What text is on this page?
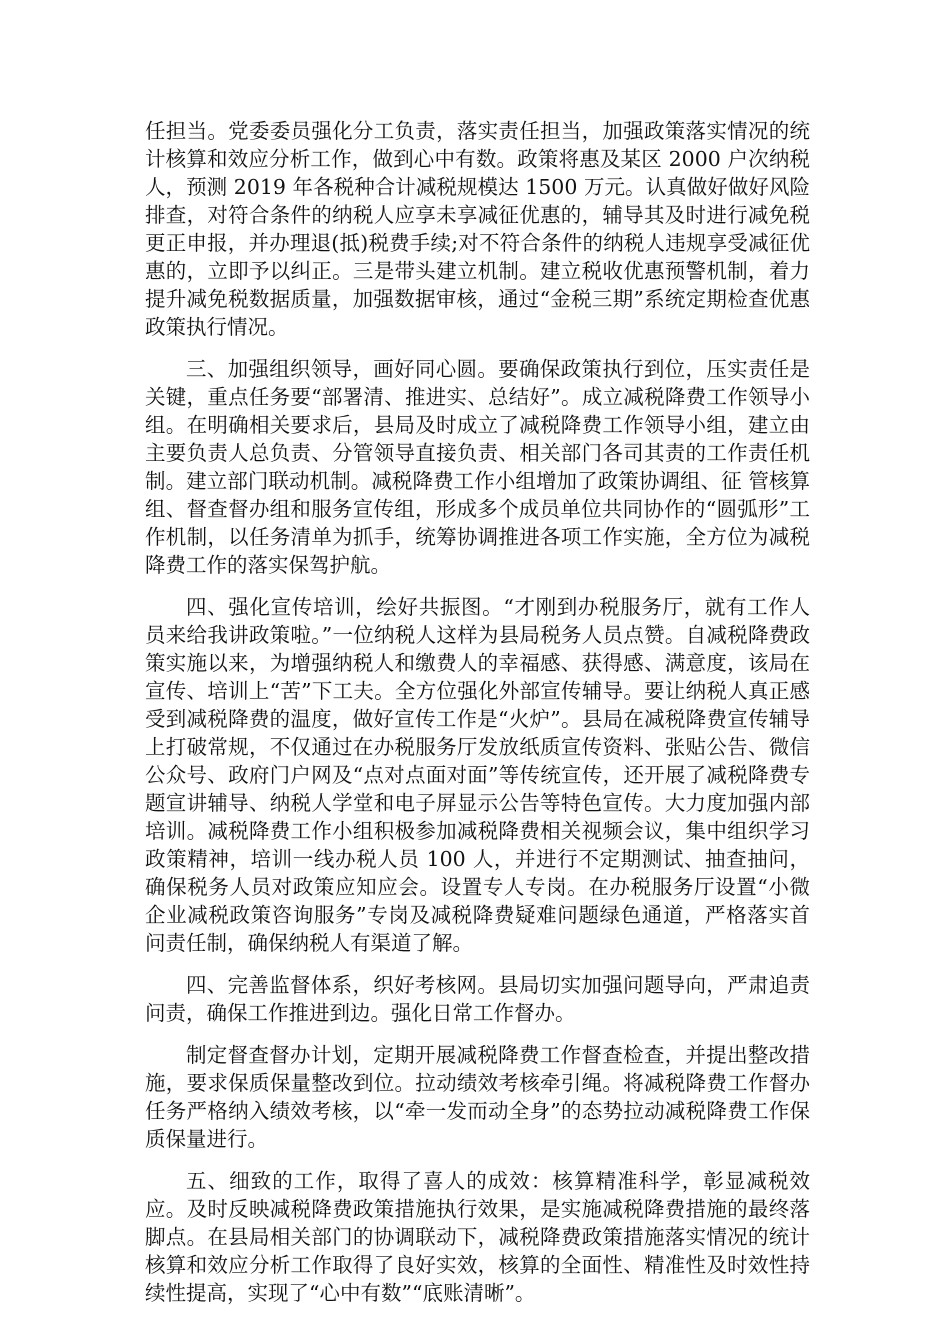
任担当。党委委员强化分工负责，落实责任担当，加强政策落实情况的统计核算和效应分析工作，做到心中有数。政策将惠及某区 2000 户次纳税人，预测 2019 年各税种合计减税规模达 1500 万元。认真做好做好风险排查，对符合条件的纳税人应享未享减征优惠的，辅导其及时进行减免税更正申报，并办理退(抵)税费手续;对不符合条件的纳税人违规享受减征优惠的，立即予以纠正。三是带头建立机制。建立税收优惠预警机制，着力提升减免税数据质量，加强数据审核，通过“金税三期”系统定期检查优惠政策执行情况。

三、加强组织领导，画好同心圆。要确保政策执行到位，压实责任是关键，重点任务要“部署清、推进实、总结好”。成立减税降费工作领导小组。在明确相关要求后，县局及时成立了减税降费工作领导小组，建立由主要负责人总负责、分管领导直接负责、相关部门各司其责的工作责任机制。建立部门联动机制。减税降费工作小组增加了政策协调组、征 管核算组、督查督办组和服务宣传组，形成多个成员单位共同协作的“圆弧形”工作机制，以任务清单为抓手，统筹协调推进各项工作实施，全方位为减税降费工作的落实保驾护航。

四、强化宣传培训，绘好共振图。“才刚到办税服务厅，就有工作人员来给我讲政策啦。”一位纳税人这样为县局税务人员点赞。自减税降费政策实施以来，为增强纳税人和缴费人的幸福感、获得感、满意度，该局在宣传、培训上“苦”下工夫。全方位强化外部宣传辅导。要让纳税人真正感受到减税降费的温度，做好宣传工作是“火炉”。县局在减税降费宣传辅导上打破常规，不仅通过在办税服务厅发放纸质宣传资料、张贴公告、微信公众号、政府门户网及“点对点面对面”等传统宣传，还开展了减税降费专题宣讲辅导、纳税人学堂和电子屏显示公告等特色宣传。大力度加强内部培训。减税降费工作小组积极参加减税降费相关视频会议，集中组织学习政策精神，培训一线办税人员 100 人，并进行不定期测试、抽查抽问，确保税务人员对政策应知应会。设置专人专岗。在办税服务厅设置“小微企业减税政策咨询服务”专岗及减税降费疑难问题绿色通道，严格落实首问责任制，确保纳税人有渠道了解。

四、完善监督体系，织好考核网。县局切实加强问题导向，严肃追责问责，确保工作推进到边。强化日常工作督办。

制定督查督办计划，定期开展减税降费工作督查检查，并提出整改措施，要求保质保量整改到位。拉动绩效考核牵引绳。将减税降费工作督办任务严格纳入绩效考核，以“牵一发而动全身”的态势拉动减税降费工作保质保量进行。

五、细致的工作，取得了喜人的成效：核算精准科学，彰显减税效应。及时反映减税降费政策措施执行效果，是实施减税降费措施的最终落脚点。在县局相关部门的协调联动下，减税降费政策措施落实情况的统计核算和效应分析工作取得了良好实效，核算的全面性、精准性及时效性持续性提高，实现了“心中有数”“底账清晰”。
